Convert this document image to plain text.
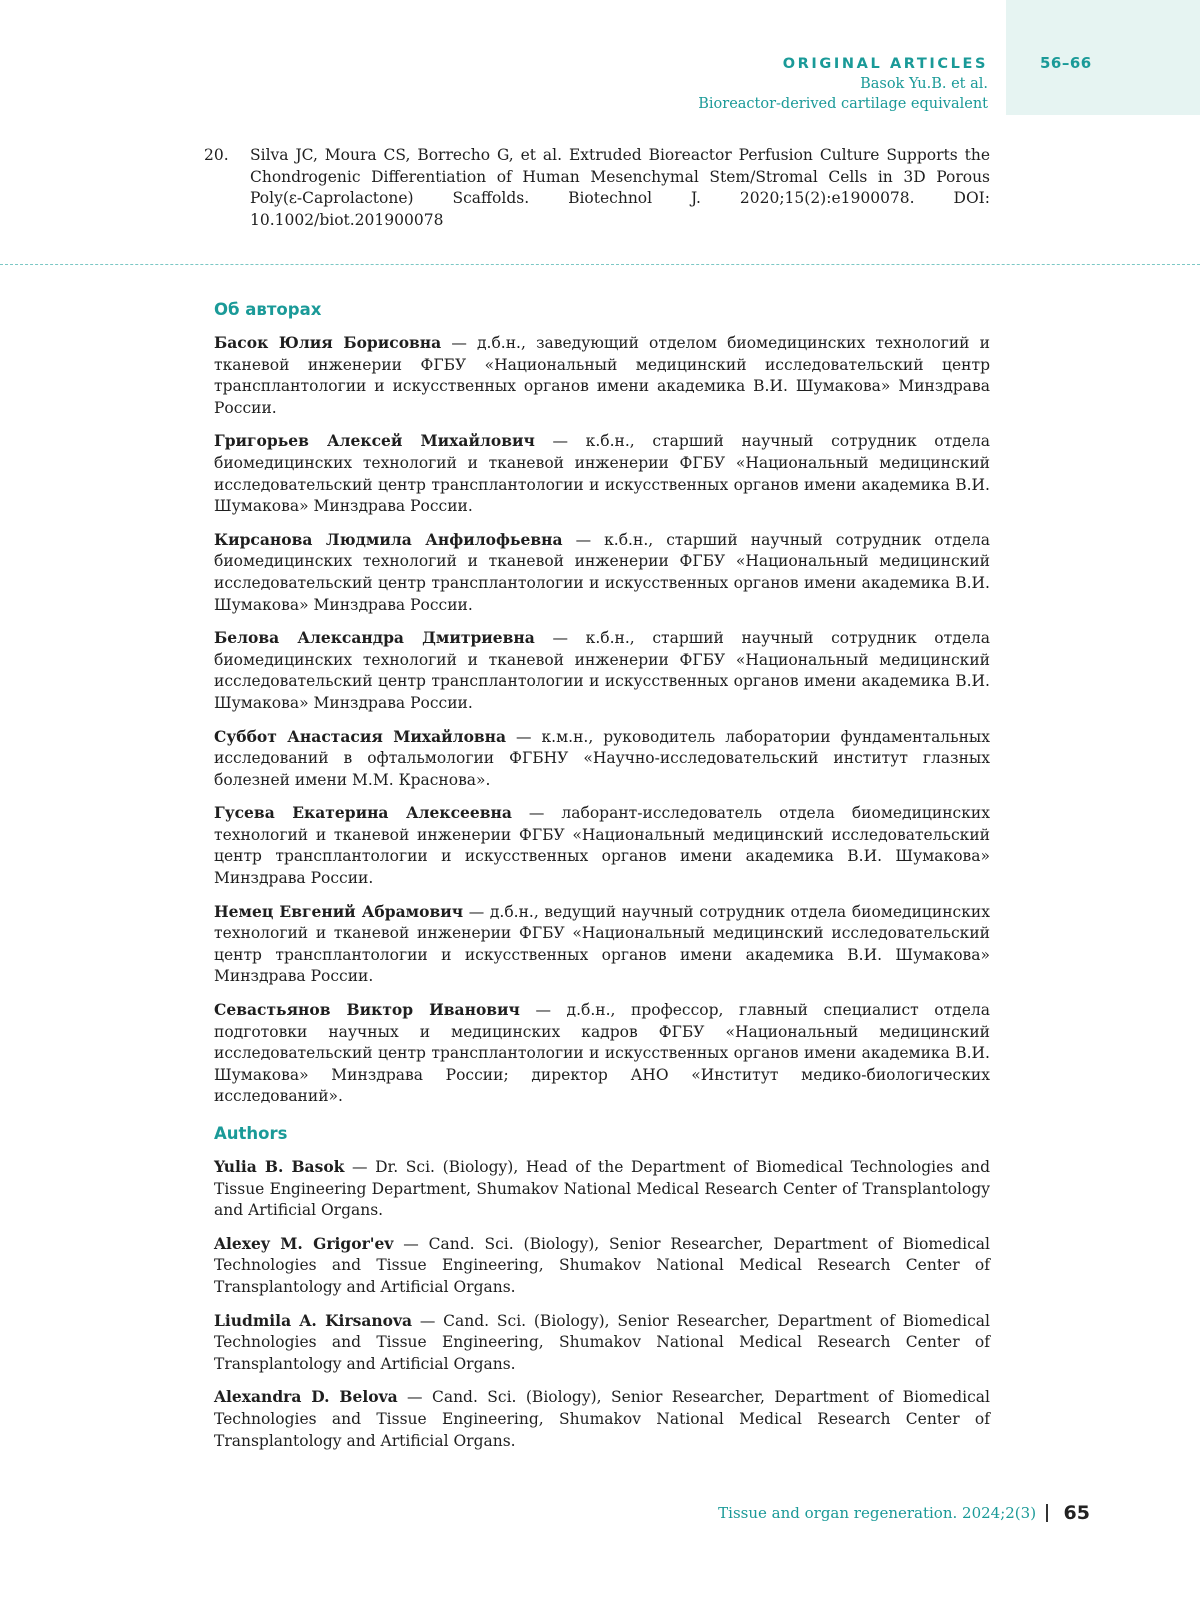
56–66
ORIGINAL ARTICLES
Basok Yu.B. et al.
Bioreactor-derived cartilage equivalent
20.	Silva JC, Moura CS, Borrecho G, et al. Extruded Bioreactor Perfusion Culture Supports the Chondrogenic Differentiation of Human Mesenchymal Stem/Stromal Cells in 3D Porous Poly(ε-Caprolactone) Scaffolds. Biotechnol J. 2020;15(2):e1900078. DOI: 10.1002/biot.201900078
Об авторах
Басок Юлия Борисовна — д.б.н., заведующий отделом биомедицинских технологий и тканевой инженерии ФГБУ «Национальный медицинский исследовательский центр трансплантологии и искусственных органов имени академика В.И. Шумакова» Минздрава России.
Григорьев Алексей Михайлович — к.б.н., старший научный сотрудник отдела биомедицинских технологий и тканевой инженерии ФГБУ «Национальный медицинский исследовательский центр трансплантологии и искусственных органов имени академика В.И. Шумакова» Минздрава России.
Кирсанова Людмила Анфилофьевна — к.б.н., старший научный сотрудник отдела биомедицинских технологий и тканевой инженерии ФГБУ «Национальный медицинский исследовательский центр трансплантологии и искусственных органов имени академика В.И. Шумакова» Минздрава России.
Белова Александра Дмитриевна — к.б.н., старший научный сотрудник отдела биомедицинских технологий и тканевой инженерии ФГБУ «Национальный медицинский исследовательский центр трансплантологии и искусственных органов имени академика В.И. Шумакова» Минздрава России.
Суббот Анастасия Михайловна — к.м.н., руководитель лаборатории фундаментальных исследований в офтальмологии ФГБНУ «Научно-исследовательский институт глазных болезней имени М.М. Краснова».
Гусева Екатерина Алексеевна — лаборант-исследователь отдела биомедицинских технологий и тканевой инженерии ФГБУ «Национальный медицинский исследовательский центр трансплантологии и искусственных органов имени академика В.И. Шумакова» Минздрава России.
Немец Евгений Абрамович — д.б.н., ведущий научный сотрудник отдела биомедицинских технологий и тканевой инженерии ФГБУ «Национальный медицинский исследовательский центр трансплантологии и искусственных органов имени академика В.И. Шумакова» Минздрава России.
Севастьянов Виктор Иванович — д.б.н., профессор, главный специалист отдела подготовки научных и медицинских кадров ФГБУ «Национальный медицинский исследовательский центр трансплантологии и искусственных органов имени академика В.И. Шумакова» Минздрава России; директор АНО «Институт медико-биологических исследований».
Authors
Yulia B. Basok — Dr. Sci. (Biology), Head of the Department of Biomedical Technologies and Tissue Engineering Department, Shumakov National Medical Research Center of Transplantology and Artificial Organs.
Alexey M. Grigor'ev — Cand. Sci. (Biology), Senior Researcher, Department of Biomedical Technologies and Tissue Engineering, Shumakov National Medical Research Center of Transplantology and Artificial Organs.
Liudmila A. Kirsanova — Cand. Sci. (Biology), Senior Researcher, Department of Biomedical Technologies and Tissue Engineering, Shumakov National Medical Research Center of Transplantology and Artificial Organs.
Alexandra D. Belova — Cand. Sci. (Biology), Senior Researcher, Department of Biomedical Technologies and Tissue Engineering, Shumakov National Medical Research Center of Transplantology and Artificial Organs.
Tissue and organ regeneration. 2024;2(3) 65
